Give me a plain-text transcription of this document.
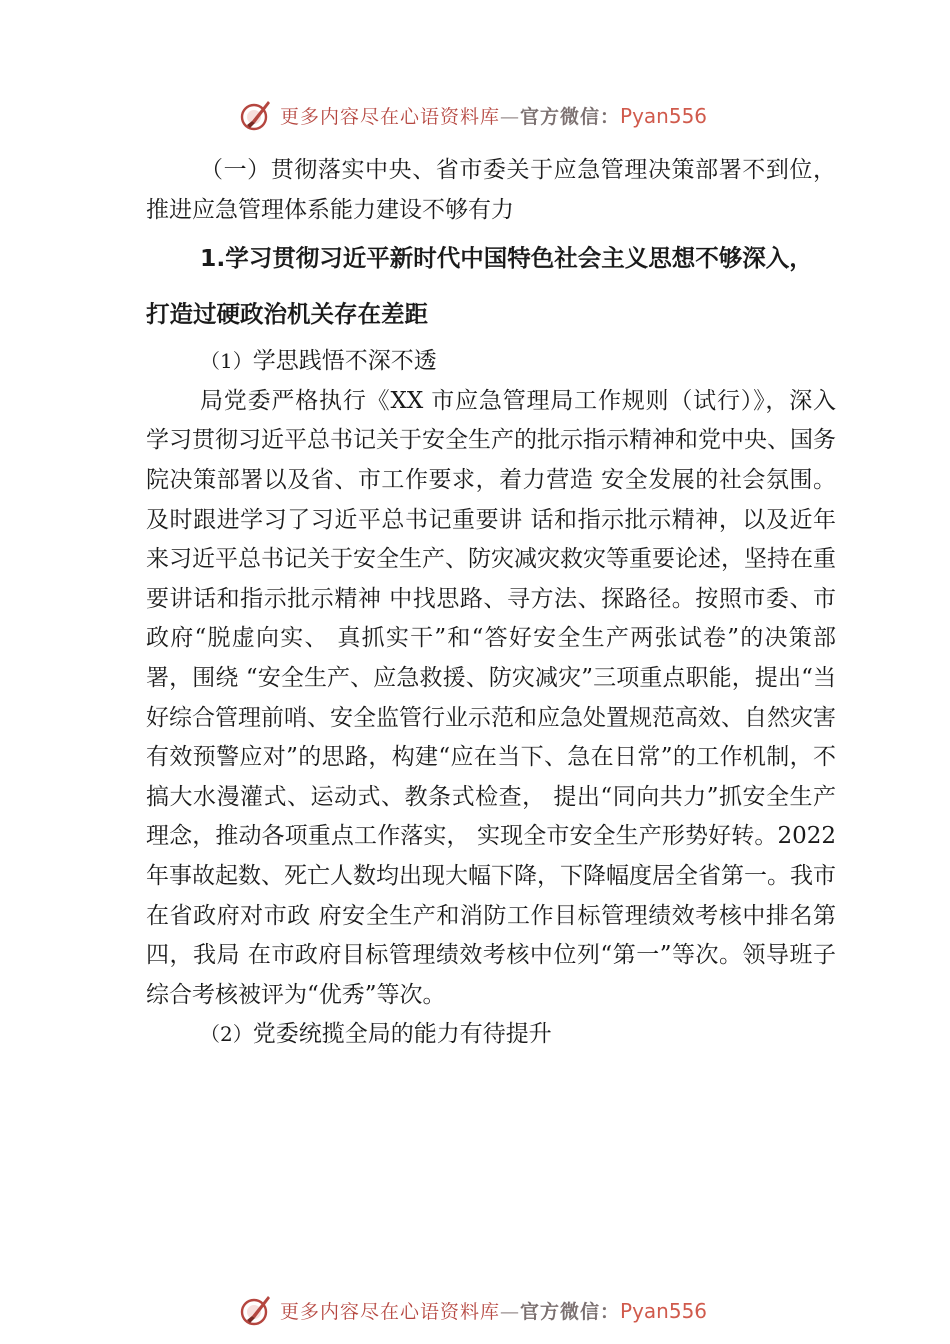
更多内容尽在心语资料库—官方微信：Pyan556

（一）贯彻落实中央、省市委关于应急管理决策部署不到位，推进应急管理体系能力建设不够有力

1.学习贯彻习近平新时代中国特色社会主义思想不够深入，打造过硬政治机关存在差距

（1）学思践悟不深不透

局党委严格执行《XX 市应急管理局工作规则（试行）》，深入学习贯彻习近平总书记关于安全生产的批示指示精神和党中央、国务院决策部署以及省、市工作要求，着力营造 安全发展的社会氛围。及时跟进学习了习近平总书记重要讲 话和指示批示精神，以及近年来习近平总书记关于安全生产、防灾减灾救灾等重要论述，坚持在重要讲话和指示批示精神 中找思路、寻方法、探路径。按照市委、市政府“脱虚向实、 真抓实干”和“答好安全生产两张试卷”的决策部署，围绕 “安全生产、应急救援、防灾减灾”三项重点职能，提出“当 好综合管理前哨、安全监管行业示范和应急处置规范高效、自然灾害有效预警应对”的思路，构建“应在当下、急在日常”的工作机制，不搞大水漫灌式、运动式、教条式检查， 提出“同向共力”抓安全生产理念，推动各项重点工作落实， 实现全市安全生产形势好转。2022 年事故起数、死亡人数均出现大幅下降，下降幅度居全省第一。我市在省政府对市政 府安全生产和消防工作目标管理绩效考核中排名第四，我局 在市政府目标管理绩效考核中位列“第一”等次。领导班子 综合考核被评为“优秀”等次。

（2）党委统揽全局的能力有待提升

更多内容尽在心语资料库—官方微信：Pyan556
